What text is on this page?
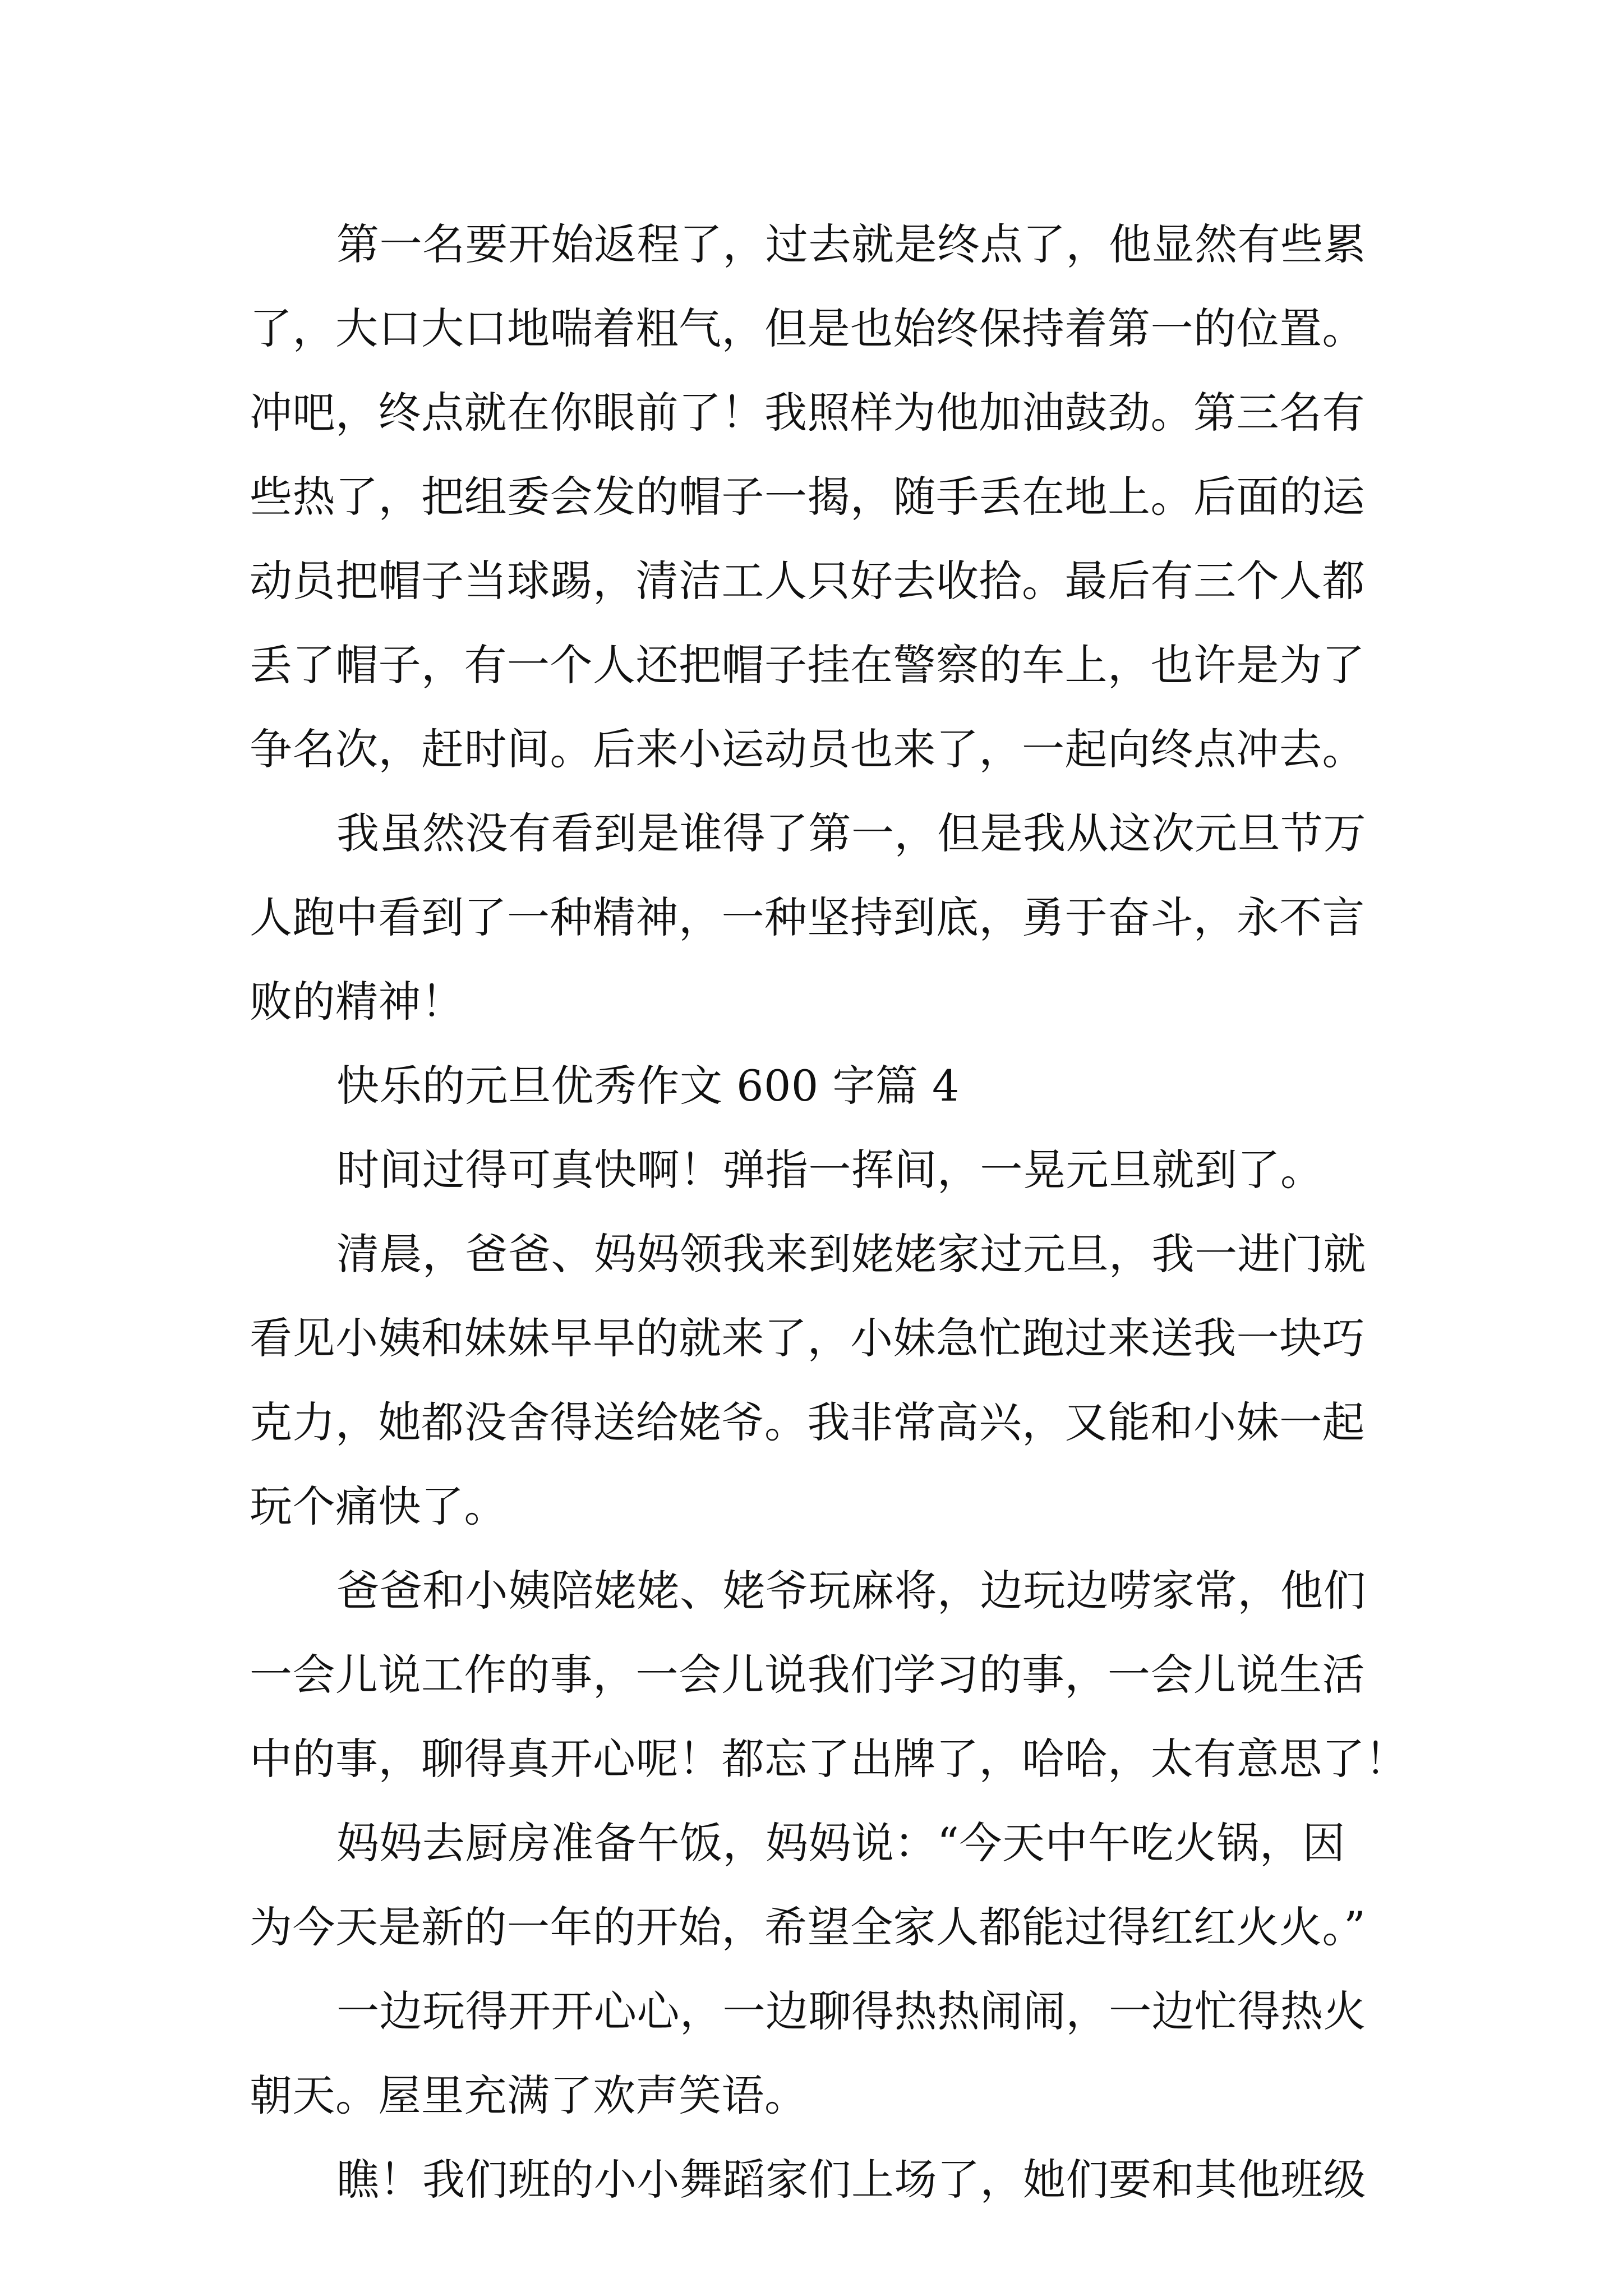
第一名要开始返程了，过去就是终点了，他显然有些累
了，大口大口地喘着粗气，但是也始终保持着第一的位置。
冲吧，终点就在你眼前了！我照样为他加油鼓劲。第三名有
些热了，把组委会发的帽子一揭，随手丢在地上。后面的运
动员把帽子当球踢，清洁工人只好去收拾。最后有三个人都
丢了帽子，有一个人还把帽子挂在警察的车上，也许是为了
争名次，赶时间。后来小运动员也来了，一起向终点冲去。
我虽然没有看到是谁得了第一，但是我从这次元旦节万
人跑中看到了一种精神，一种坚持到底，勇于奋斗，永不言
败的精神！
快乐的元旦优秀作文 600 字篇 4
时间过得可真快啊！弹指一挥间，一晃元旦就到了。
清晨，爸爸、妈妈领我来到姥姥家过元旦，我一进门就
看见小姨和妹妹早早的就来了，小妹急忙跑过来送我一块巧
克力，她都没舍得送给姥爷。我非常高兴，又能和小妹一起
玩个痛快了。
爸爸和小姨陪姥姥、姥爷玩麻将，边玩边唠家常，他们
一会儿说工作的事，一会儿说我们学习的事，一会儿说生活
中的事，聊得真开心呢！都忘了出牌了，哈哈，太有意思了！
妈妈去厨房准备午饭，妈妈说：“今天中午吃火锅，因
为今天是新的一年的开始，希望全家人都能过得红红火火。”
一边玩得开开心心，一边聊得热热闹闹，一边忙得热火
朝天。屋里充满了欢声笑语。
瞧！我们班的小小舞蹈家们上场了，她们要和其他班级
